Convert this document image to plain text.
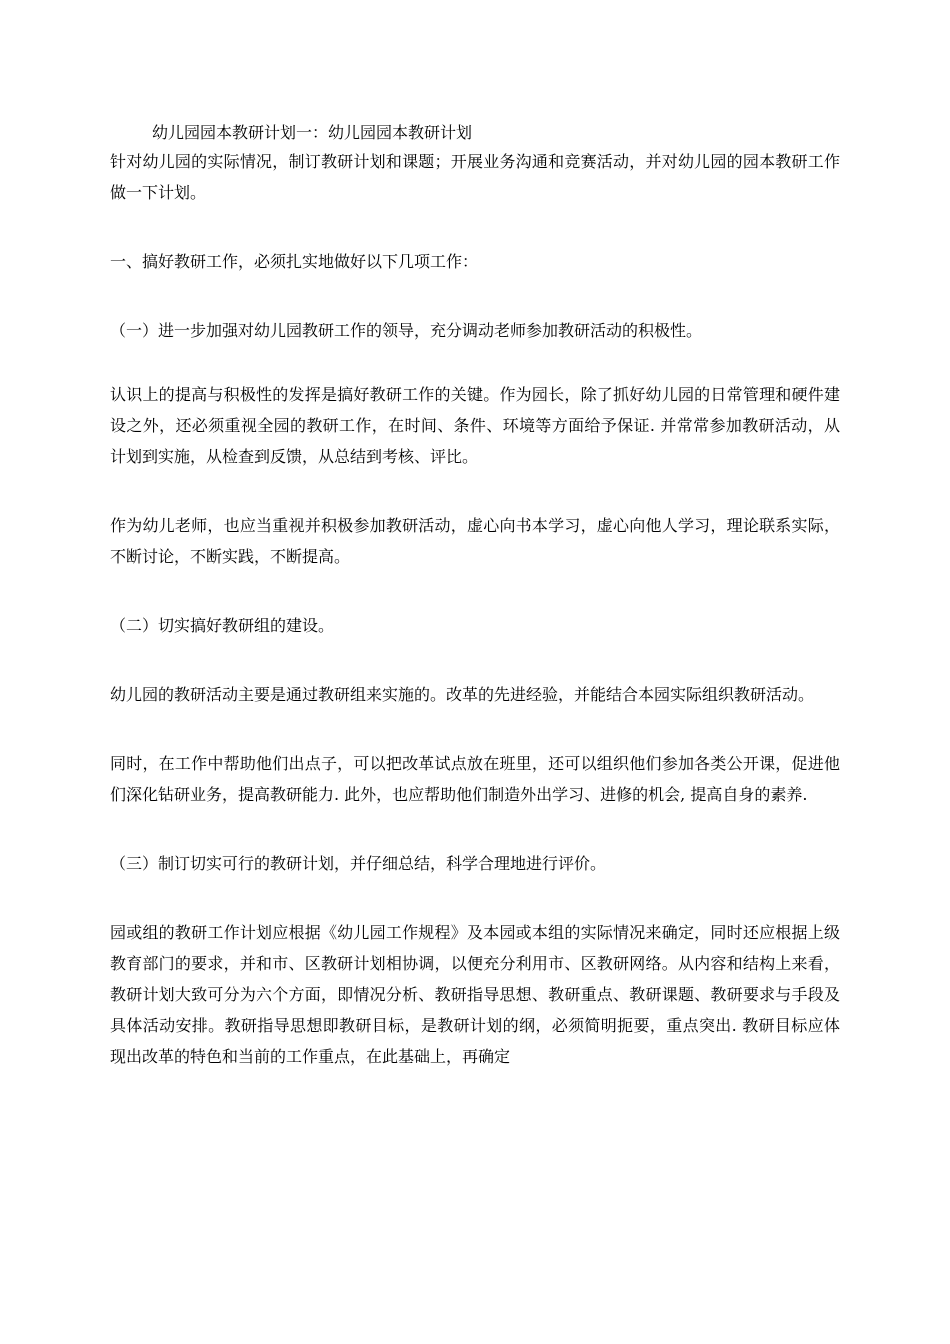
幼儿园园本教研计划一：幼儿园园本教研计划

针对幼儿园的实际情况，制订教研计划和课题；开展业务沟通和竞赛活动，并对幼儿园的园本教研工作做一下计划。

一、搞好教研工作，必须扎实地做好以下几项工作：

（一）进一步加强对幼儿园教研工作的领导，充分调动老师参加教研活动的积极性。

认识上的提高与积极性的发挥是搞好教研工作的关键。作为园长，除了抓好幼儿园的日常管理和硬件建设之外，还必须重视全园的教研工作，在时间、条件、环境等方面给予保证. 并常常参加教研活动，从计划到实施，从检查到反馈，从总结到考核、评比。

作为幼儿老师，也应当重视并积极参加教研活动，虚心向书本学习，虚心向他人学习，理论联系实际，不断讨论，不断实践，不断提高。

（二）切实搞好教研组的建设。

幼儿园的教研活动主要是通过教研组来实施的。改革的先进经验，并能结合本园实际组织教研活动。

同时，在工作中帮助他们出点子，可以把改革试点放在班里，还可以组织他们参加各类公开课，促进他们深化钻研业务，提高教研能力. 此外，也应帮助他们制造外出学习、进修的机会, 提高自身的素养.

（三）制订切实可行的教研计划，并仔细总结，科学合理地进行评价。

园或组的教研工作计划应根据《幼儿园工作规程》及本园或本组的实际情况来确定，同时还应根据上级教育部门的要求，并和市、区教研计划相协调，以便充分利用市、区教研网络。从内容和结构上来看，教研计划大致可分为六个方面，即情况分析、教研指导思想、教研重点、教研课题、教研要求与手段及具体活动安排。教研指导思想即教研目标，是教研计划的纲，必须简明扼要，重点突出. 教研目标应体现出改革的特色和当前的工作重点，在此基础上，再确定
